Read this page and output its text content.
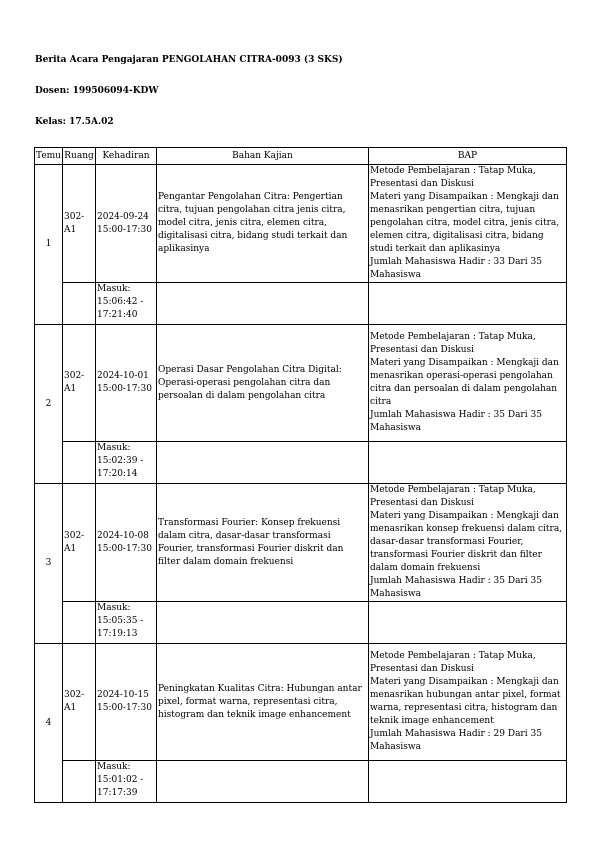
Berita Acara Pengajaran PENGOLAHAN CITRA-0093 (3 SKS)
Dosen: 199506094-KDW
Kelas: 17.5A.02
Temu	Ruang	Kehadiran	Bahan Kajian	BAP
1	302-A1	2024-09-24 15:00-17:30	Pengantar Pengolahan Citra: Pengertian citra, tujuan pengolahan citra jenis citra, model citra, jenis citra, elemen citra, digitalisasi citra, bidang studi terkait dan aplikasinya	Metode Pembelajaran : Tatap Muka, Presentasi dan Diskusi
Materi yang Disampaikan : Mengkaji dan menasrikan pengertian citra, tujuan pengolahan citra, model citra, jenis citra, elemen citra, digitalisasi citra, bidang studi terkait dan aplikasinya
Jumlah Mahasiswa Hadir : 33 Dari 35 Mahasiswa

		Masuk: 15:06:42 - 17:21:40		
2	302-A1	2024-10-01 15:00-17:30	Operasi Dasar Pengolahan Citra Digital: Operasi-operasi pengolahan citra dan persoalan di dalam pengolahan citra	Metode Pembelajaran : Tatap Muka, Presentasi dan Diskusi
Materi yang Disampaikan : Mengkaji dan menasrikan operasi-operasi pengolahan citra dan persoalan di dalam pengolahan citra
Jumlah Mahasiswa Hadir : 35 Dari 35 Mahasiswa

		Masuk: 15:02:39 - 17:20:14		
3	302-A1	2024-10-08 15:00-17:30	Transformasi Fourier: Konsep frekuensi dalam citra, dasar-dasar transformasi Fourier, transformasi Fourier diskrit dan filter dalam domain frekuensi	Metode Pembelajaran : Tatap Muka, Presentasi dan Diskusi
Materi yang Disampaikan : Mengkaji dan menasrikan konsep frekuensi dalam citra, dasar-dasar transformasi Fourier, transformasi Fourier diskrit dan filter dalam domain frekuensi
Jumlah Mahasiswa Hadir : 35 Dari 35 Mahasiswa

		Masuk: 15:05:35 - 17:19:13		
4	302-A1	2024-10-15 15:00-17:30	Peningkatan Kualitas Citra: Hubungan antar pixel, format warna, representasi citra, histogram dan teknik image enhancement	Metode Pembelajaran : Tatap Muka, Presentasi dan Diskusi
Materi yang Disampaikan : Mengkaji dan menasrikan hubungan antar pixel, format warna, representasi citra, histogram dan teknik image enhancement
Jumlah Mahasiswa Hadir : 29 Dari 35 Mahasiswa

		Masuk: 15:01:02 - 17:17:39		
